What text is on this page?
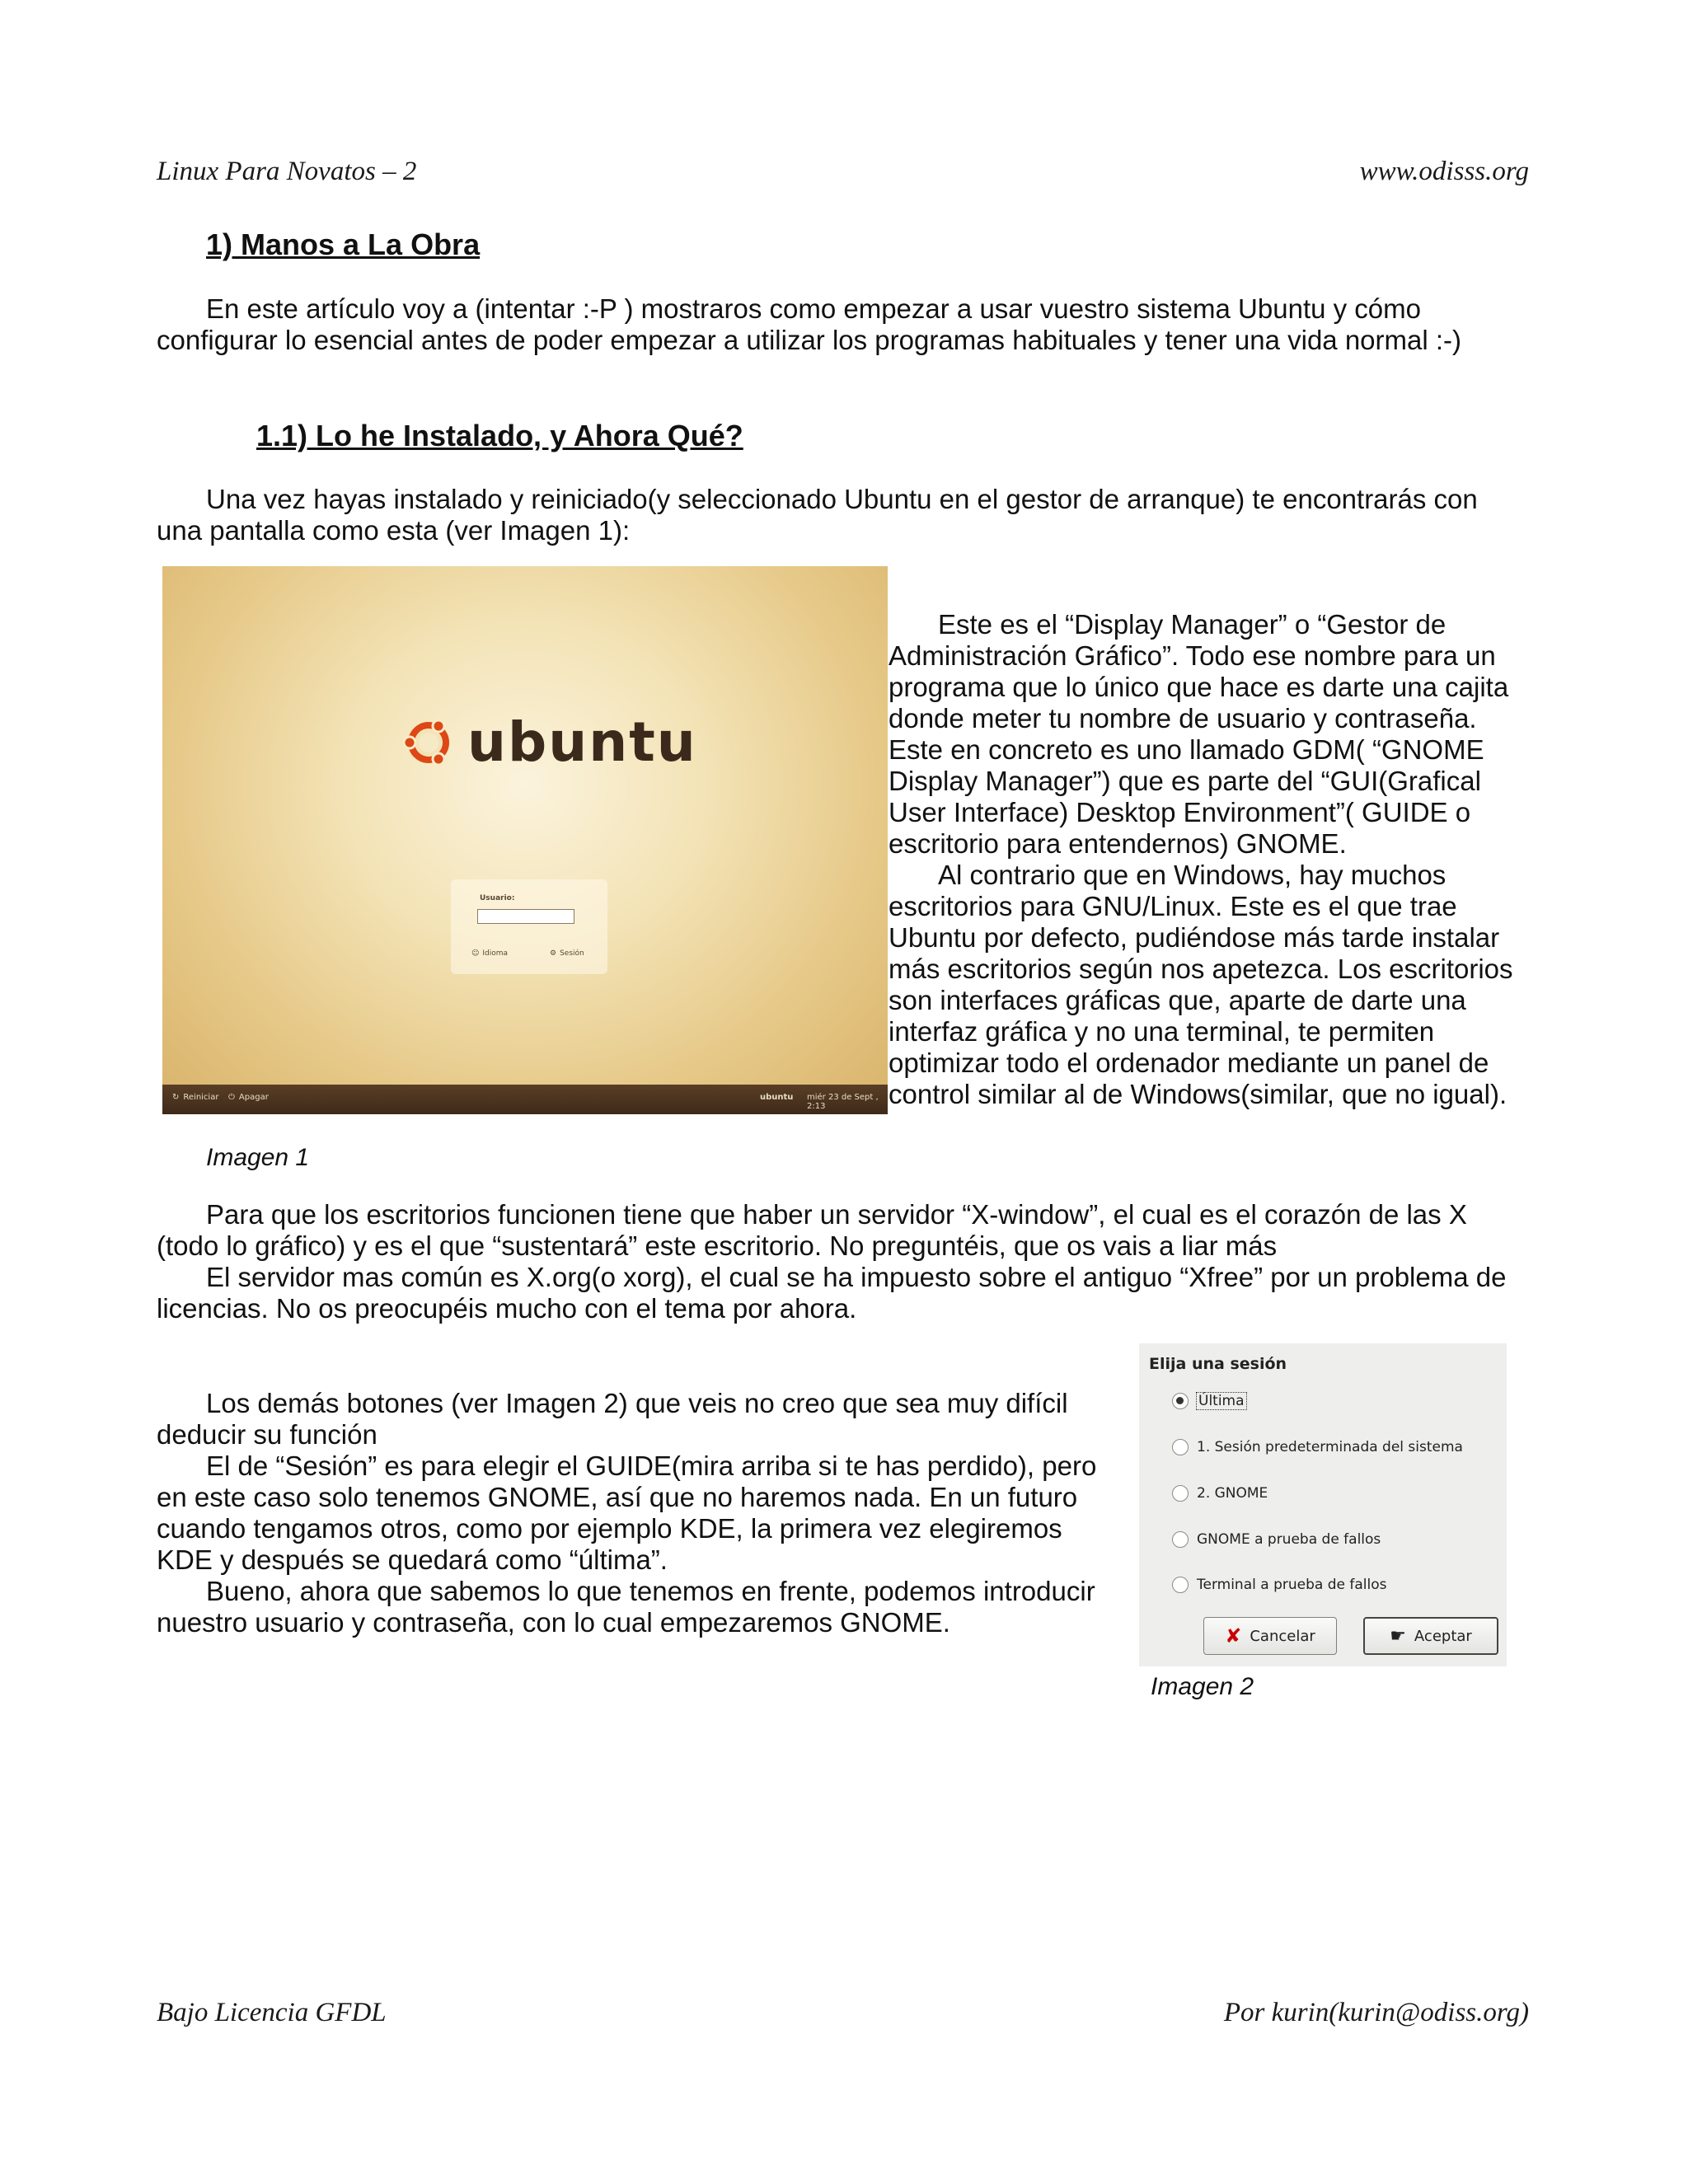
Linux Para Novatos – 2	www.odisss.org
1) Manos a La Obra

En este artículo voy a (intentar :-P ) mostraros como empezar a usar vuestro sistema Ubuntu y cómo configurar lo esencial antes de poder empezar a utilizar los programas habituales y tener una vida normal :-)

1.1) Lo he Instalado, y Ahora Qué?

Una vez hayas instalado y reiniciado(y seleccionado Ubuntu en el gestor de arranque) te encontrarás con una pantalla como esta (ver Imagen 1):

ubuntu
Usuario:
☺ Idioma	⚙ Sesión
↻ Reiniciar ⏻ Apagar	ubuntu miér 23 de Sept , 2:13

Este es el “Display Manager” o “Gestor de Administración Gráfico”. Todo ese nombre para un programa que lo único que hace es darte una cajita donde meter tu nombre de usuario y contraseña. Este en concreto es uno llamado GDM( “GNOME Display Manager”) que es parte del “GUI(Grafical User Interface) Desktop Environment”( GUIDE o escritorio para entendernos) GNOME.

Al contrario que en Windows, hay muchos escritorios para GNU/Linux. Este es el que trae Ubuntu por defecto, pudiéndose más tarde instalar más escritorios según nos apetezca. Los escritorios son interfaces gráficas que, aparte de darte una interfaz gráfica y no una terminal, te permiten optimizar todo el ordenador mediante un panel de control similar al de Windows(similar, que no igual).

Imagen 1

Para que los escritorios funcionen tiene que haber un servidor “X-window”, el cual es el corazón de las X (todo lo gráfico) y es el que “sustentará” este escritorio. No preguntéis, que os vais a liar más

El servidor mas común es X.org(o xorg), el cual se ha impuesto sobre el antiguo “Xfree” por un problema de licencias. No os preocupéis mucho con el tema por ahora.

Los demás botones (ver Imagen 2) que veis no creo que sea muy difícil deducir su función

El de “Sesión” es para elegir el GUIDE(mira arriba si te has perdido), pero en este caso solo tenemos GNOME, así que no haremos nada. En un futuro cuando tengamos otros, como por ejemplo KDE, la primera vez elegiremos KDE y después se quedará como “última”.

Bueno, ahora que sabemos lo que tenemos en frente, podemos introducir nuestro usuario y contraseña, con lo cual empezaremos GNOME.

Elija una sesión
Última
1. Sesión predeterminada del sistema
2. GNOME
GNOME a prueba de fallos
Terminal a prueba de fallos
✘ Cancelar	☛ Aceptar
Imagen 2
Bajo Licencia GFDL	Por kurin(kurin@odiss.org)
